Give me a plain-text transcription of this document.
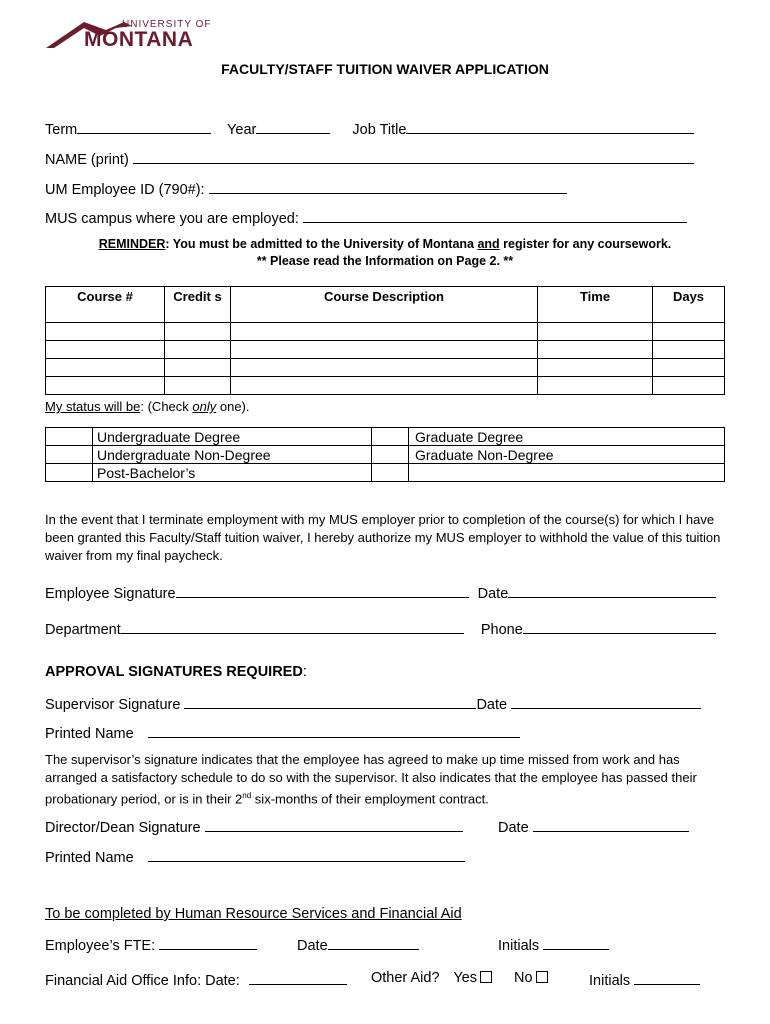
UNIVERSITY OF
MONTANA
FACULTY/STAFF TUITION WAIVER APPLICATION
Term	Year	Job Title
NAME (print)
UM Employee ID (790#):
MUS campus where you are employed:
REMINDER: You must be admitted to the University of Montana and register for any coursework.
** Please read the Information on Page 2. **
Course #	Credit s	Course Description	Time	Days

My status will be: (Check only one).
	Undergraduate Degree		Graduate Degree
	Undergraduate Non-Degree		Graduate Non-Degree
	Post-Bachelor’s		
In the event that I terminate employment with my MUS employer prior to completion of the course(s) for which I have been granted this Faculty/Staff tuition waiver, I hereby authorize my MUS employer to withhold the value of this tuition waiver from my final paycheck.
Employee Signature	Date
Department	Phone
APPROVAL SIGNATURES REQUIRED:
Supervisor Signature	Date
Printed Name
The supervisor’s signature indicates that the employee has agreed to make up time missed from work and has arranged a satisfactory schedule to do so with the supervisor. It also indicates that the employee has passed their probationary period, or is in their 2nd six-months of their employment contract.
Director/Dean Signature	Date
Printed Name
To be completed by Human Resource Services and Financial Aid
Employee’s FTE:	Date	Initials
Financial Aid Office Info: Date:	Other Aid? Yes	No	Initials
